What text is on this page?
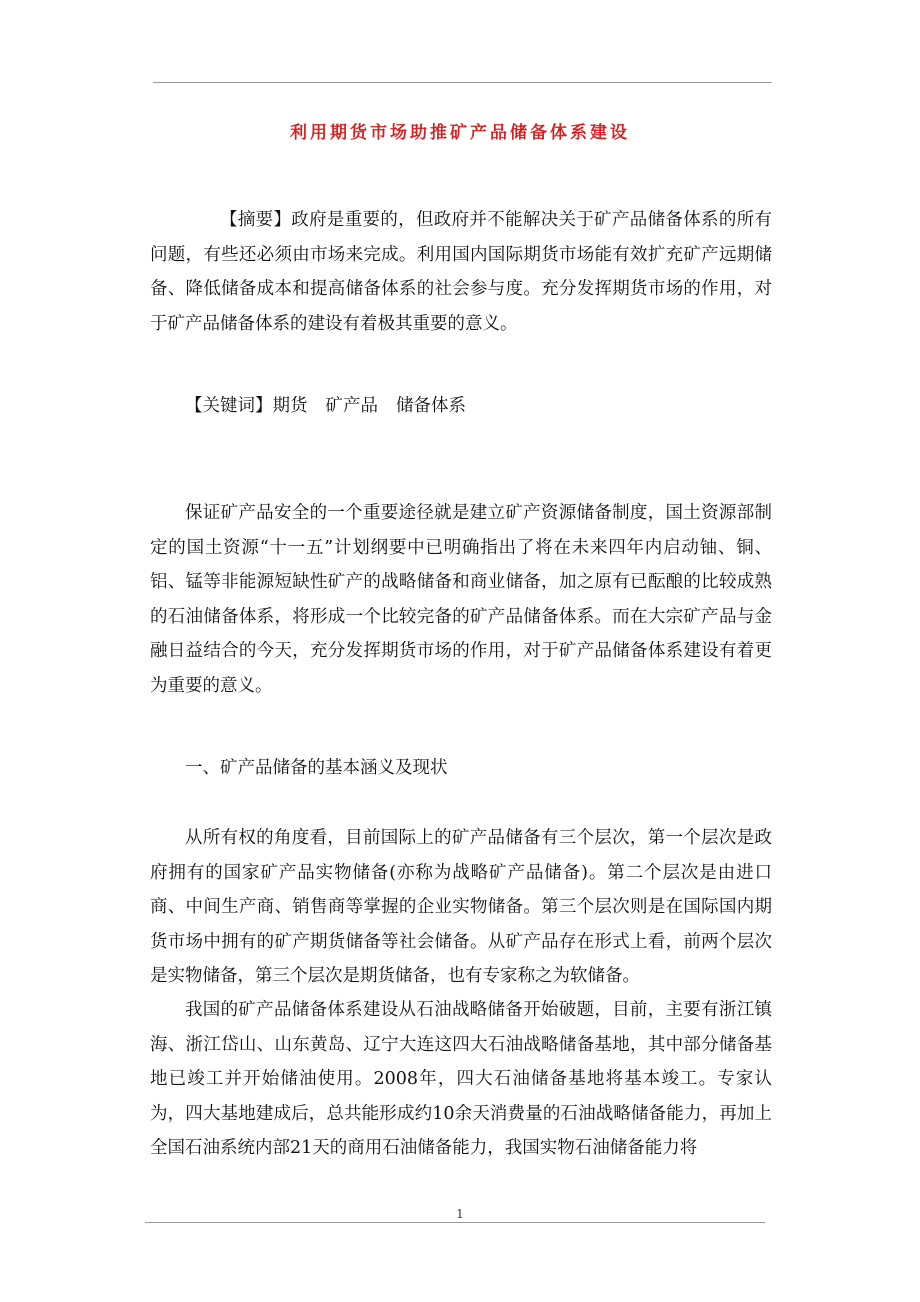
利用期货市场助推矿产品储备体系建设

【摘要】政府是重要的，但政府并不能解决关于矿产品储备体系的所有问题，有些还必须由市场来完成。利用国内国际期货市场能有效扩充矿产远期储备、降低储备成本和提高储备体系的社会参与度。充分发挥期货市场的作用，对于矿产品储备体系的建设有着极其重要的意义。

【关键词】期货 矿产品 储备体系

保证矿产品安全的一个重要途径就是建立矿产资源储备制度，国土资源部制定的国土资源“十一五”计划纲要中已明确指出了将在未来四年内启动铀、铜、铝、锰等非能源短缺性矿产的战略储备和商业储备，加之原有已酝酿的比较成熟的石油储备体系，将形成一个比较完备的矿产品储备体系。而在大宗矿产品与金融日益结合的今天，充分发挥期货市场的作用，对于矿产品储备体系建设有着更为重要的意义。

一、矿产品储备的基本涵义及现状

从所有权的角度看，目前国际上的矿产品储备有三个层次，第一个层次是政府拥有的国家矿产品实物储备(亦称为战略矿产品储备)。第二个层次是由进口商、中间生产商、销售商等掌握的企业实物储备。第三个层次则是在国际国内期货市场中拥有的矿产期货储备等社会储备。从矿产品存在形式上看，前两个层次是实物储备，第三个层次是期货储备，也有专家称之为软储备。

我国的矿产品储备体系建设从石油战略储备开始破题，目前，主要有浙江镇海、浙江岱山、山东黄岛、辽宁大连这四大石油战略储备基地，其中部分储备基地已竣工并开始储油使用。2008年，四大石油储备基地将基本竣工。专家认为，四大基地建成后，总共能形成约10余天消费量的石油战略储备能力，再加上全国石油系统内部21天的商用石油储备能力，我国实物石油储备能力将

1
